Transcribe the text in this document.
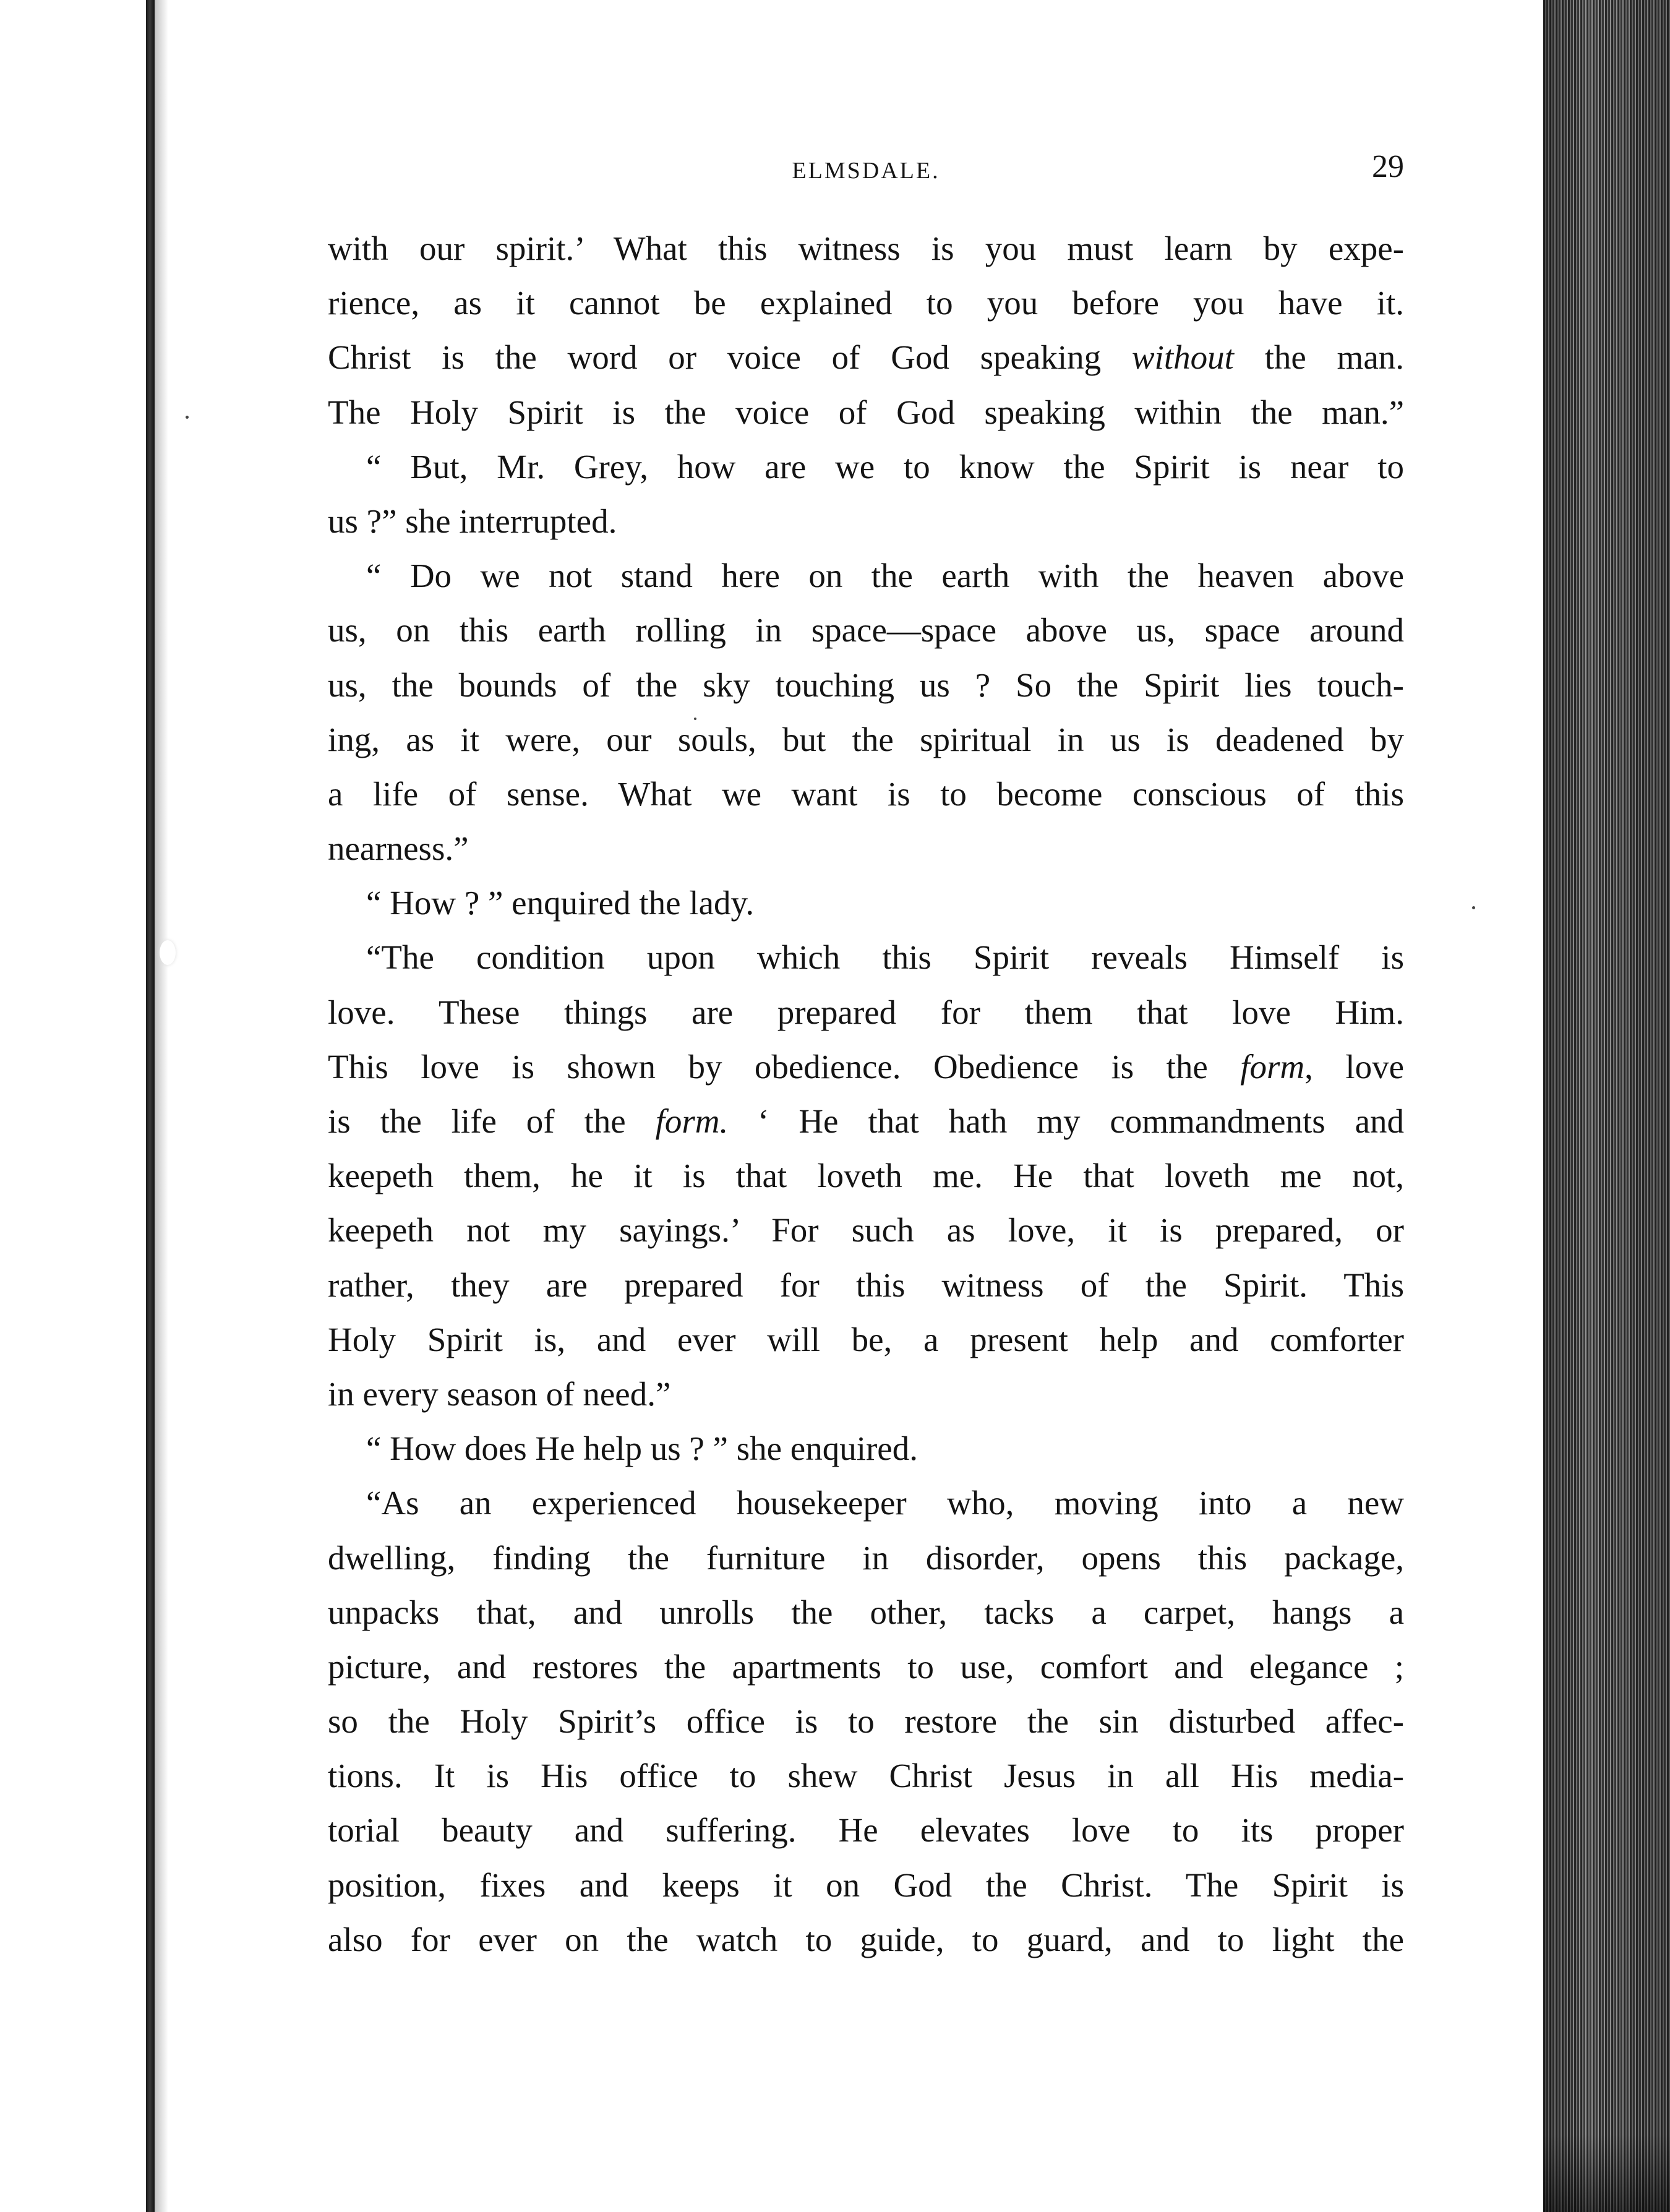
ELMSDALE.	29
with our spirit.’ What this witness is you must learn by expe-
rience, as it cannot be explained to you before you have it.
Christ is the word or voice of God speaking without the man.
The Holy Spirit is the voice of God speaking within the man.”
“ But, Mr. Grey, how are we to know the Spirit is near to
us ?” she interrupted.
“ Do we not stand here on the earth with the heaven above
us, on this earth rolling in space—space above us, space around
us, the bounds of the sky touching us ? So the Spirit lies touch-
ing, as it were, our souls, but the spiritual in us is deadened by
a life of sense. What we want is to become conscious of this
nearness.”
“ How ? ” enquired the lady.
“The condition upon which this Spirit reveals Himself is
love. These things are prepared for them that love Him.
This love is shown by obedience. Obedience is the form, love
is the life of the form. ‘ He that hath my commandments and
keepeth them, he it is that loveth me. He that loveth me not,
keepeth not my sayings.’ For such as love, it is prepared, or
rather, they are prepared for this witness of the Spirit. This
Holy Spirit is, and ever will be, a present help and comforter
in every season of need.”
“ How does He help us ? ” she enquired.
“As an experienced housekeeper who, moving into a new
dwelling, finding the furniture in disorder, opens this package,
unpacks that, and unrolls the other, tacks a carpet, hangs a
picture, and restores the apartments to use, comfort and elegance ;
so the Holy Spirit’s office is to restore the sin disturbed affec-
tions. It is His office to shew Christ Jesus in all His media-
torial beauty and suffering. He elevates love to its proper
position, fixes and keeps it on God the Christ. The Spirit is
also for ever on the watch to guide, to guard, and to light the
